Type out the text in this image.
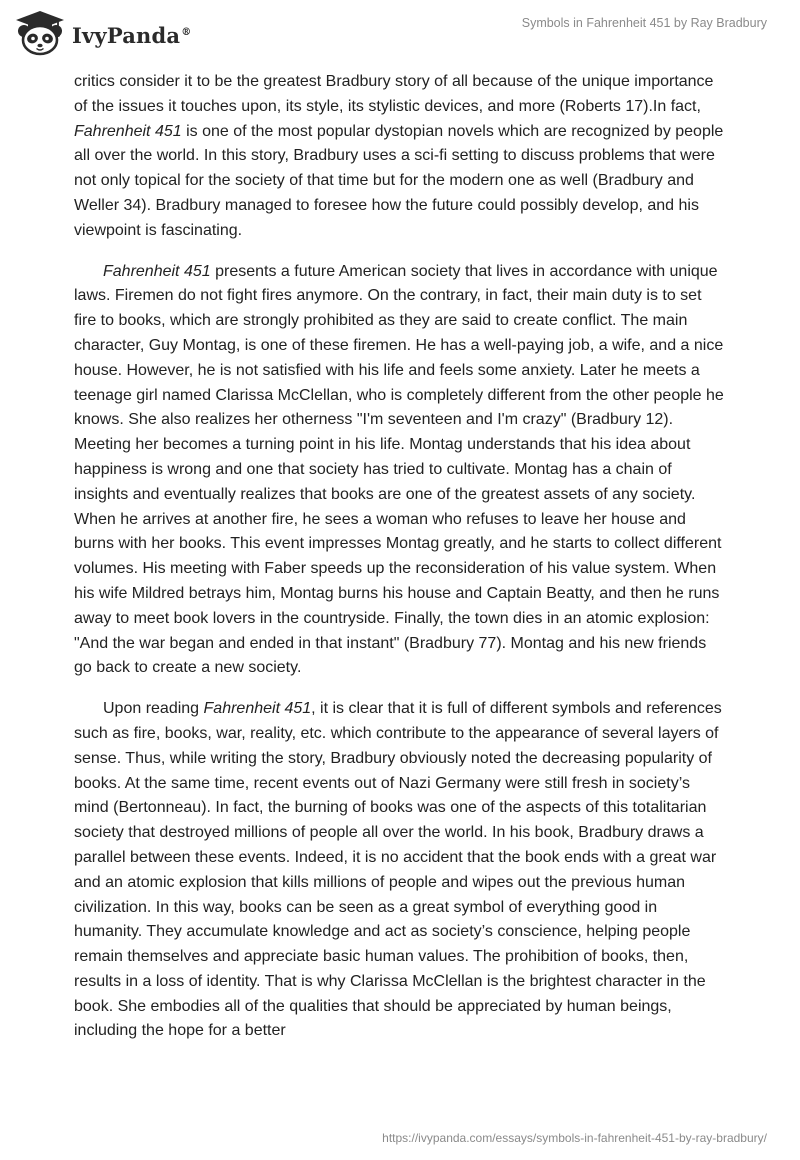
IvyPanda®
Symbols in Fahrenheit 451 by Ray Bradbury

critics consider it to be the greatest Bradbury story of all because of the unique importance of the issues it touches upon, its style, its stylistic devices, and more (Roberts 17).In fact, Fahrenheit 451 is one of the most popular dystopian novels which are recognized by people all over the world. In this story, Bradbury uses a sci-fi setting to discuss problems that were not only topical for the society of that time but for the modern one as well (Bradbury and Weller 34). Bradbury managed to foresee how the future could possibly develop, and his viewpoint is fascinating.

Fahrenheit 451 presents a future American society that lives in accordance with unique laws. Firemen do not fight fires anymore. On the contrary, in fact, their main duty is to set fire to books, which are strongly prohibited as they are said to create conflict. The main character, Guy Montag, is one of these firemen. He has a well-paying job, a wife, and a nice house. However, he is not satisfied with his life and feels some anxiety. Later he meets a teenage girl named Clarissa McClellan, who is completely different from the other people he knows. She also realizes her otherness "I'm seventeen and I'm crazy" (Bradbury 12). Meeting her becomes a turning point in his life. Montag understands that his idea about happiness is wrong and one that society has tried to cultivate. Montag has a chain of insights and eventually realizes that books are one of the greatest assets of any society. When he arrives at another fire, he sees a woman who refuses to leave her house and burns with her books. This event impresses Montag greatly, and he starts to collect different volumes. His meeting with Faber speeds up the reconsideration of his value system. When his wife Mildred betrays him, Montag burns his house and Captain Beatty, and then he runs away to meet book lovers in the countryside. Finally, the town dies in an atomic explosion: "And the war began and ended in that instant" (Bradbury 77). Montag and his new friends go back to create a new society.

Upon reading Fahrenheit 451, it is clear that it is full of different symbols and references such as fire, books, war, reality, etc. which contribute to the appearance of several layers of sense. Thus, while writing the story, Bradbury obviously noted the decreasing popularity of books. At the same time, recent events out of Nazi Germany were still fresh in society’s mind (Bertonneau). In fact, the burning of books was one of the aspects of this totalitarian society that destroyed millions of people all over the world. In his book, Bradbury draws a parallel between these events. Indeed, it is no accident that the book ends with a great war and an atomic explosion that kills millions of people and wipes out the previous human civilization. In this way, books can be seen as a great symbol of everything good in humanity. They accumulate knowledge and act as society’s conscience, helping people remain themselves and appreciate basic human values. The prohibition of books, then, results in a loss of identity. That is why Clarissa McClellan is the brightest character in the book. She embodies all of the qualities that should be appreciated by human beings, including the hope for a better

https://ivypanda.com/essays/symbols-in-fahrenheit-451-by-ray-bradbury/
